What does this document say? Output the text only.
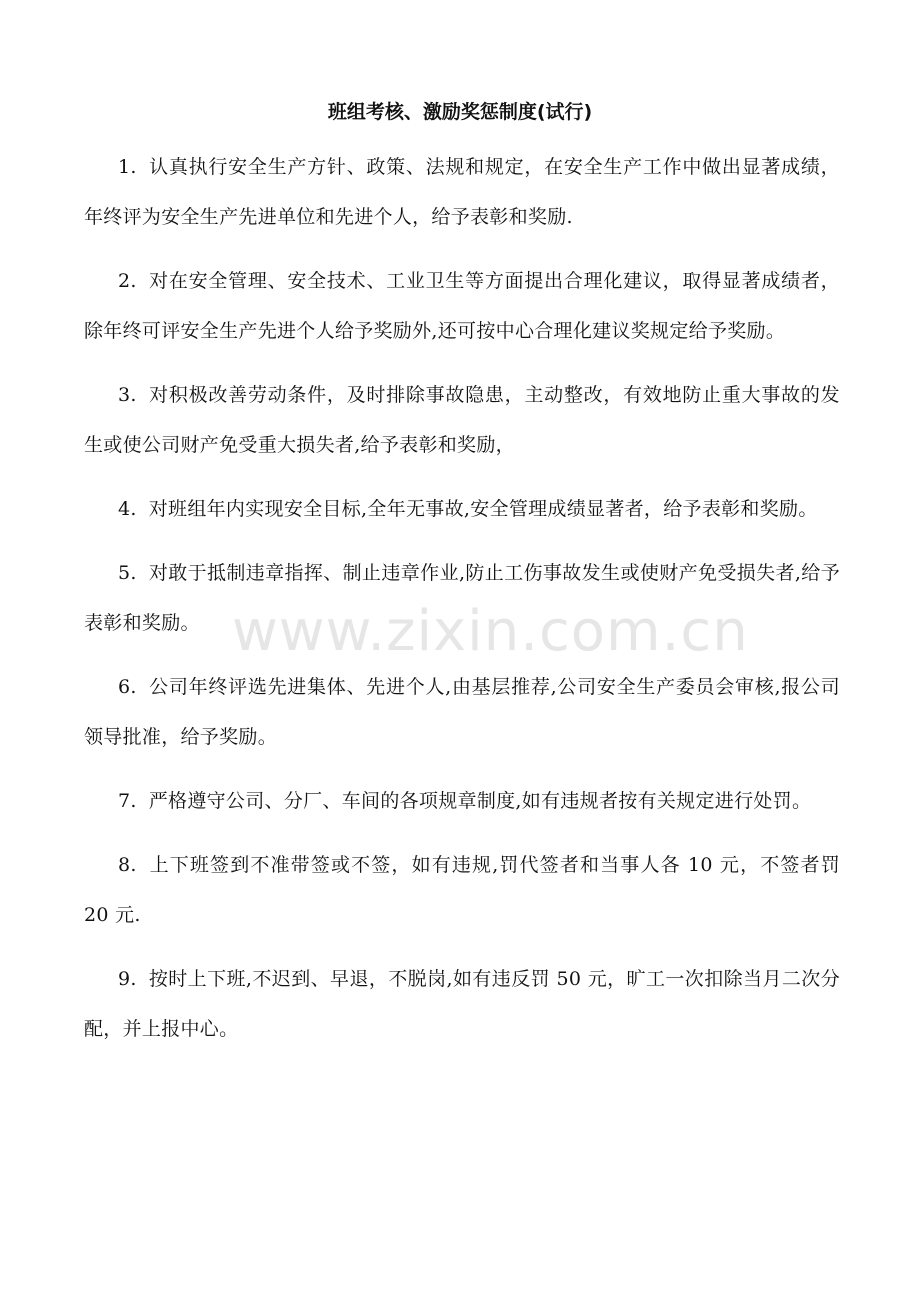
班组考核、激励奖惩制度(试行)
1. 认真执行安全生产方针、政策、法规和规定，在安全生产工作中做出显著成绩，年终评为安全生产先进单位和先进个人，给予表彰和奖励.
2. 对在安全管理、安全技术、工业卫生等方面提出合理化建议，取得显著成绩者，除年终可评安全生产先进个人给予奖励外,还可按中心合理化建议奖规定给予奖励。
3. 对积极改善劳动条件，及时排除事故隐患，主动整改，有效地防止重大事故的发生或使公司财产免受重大损失者,给予表彰和奖励，
4. 对班组年内实现安全目标,全年无事故,安全管理成绩显著者，给予表彰和奖励。
5. 对敢于抵制违章指挥、制止违章作业,防止工伤事故发生或使财产免受损失者,给予表彰和奖励。
6. 公司年终评选先进集体、先进个人,由基层推荐,公司安全生产委员会审核,报公司领导批准，给予奖励。
7. 严格遵守公司、分厂、车间的各项规章制度,如有违规者按有关规定进行处罚。
8. 上下班签到不准带签或不签，如有违规,罚代签者和当事人各 10 元，不签者罚 20 元.
9. 按时上下班,不迟到、早退，不脱岗,如有违反罚 50 元，旷工一次扣除当月二次分配，并上报中心。
www.zixin.com.cn
